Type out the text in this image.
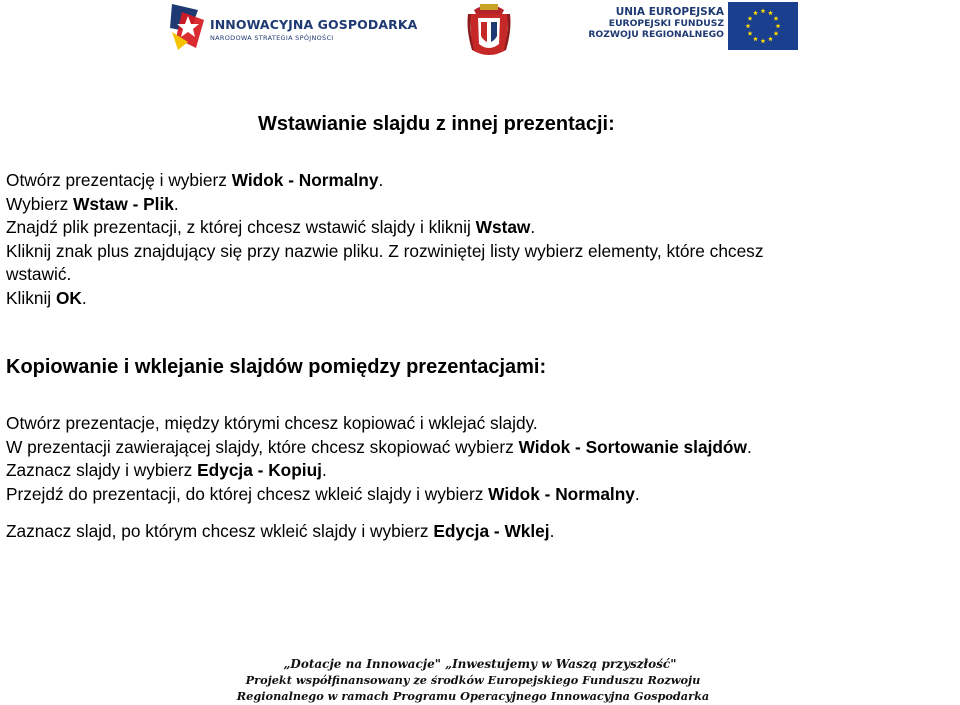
INNOWACYJNA GOSPODARKA
NARODOWA STRATEGIA SPÓJNOŚCI
UNIA EUROPEJSKA
EUROPEJSKI FUNDUSZ
ROZWOJU REGIONALNEGO
Wstawianie slajdu z innej prezentacji:
Otwórz prezentację i wybierz Widok - Normalny.
Wybierz Wstaw - Plik.
Znajdź plik prezentacji, z której chcesz wstawić slajdy i kliknij Wstaw.
Kliknij znak plus znajdujący się przy nazwie pliku. Z rozwiniętej listy wybierz elementy, które chcesz
wstawić.
Kliknij OK.
Kopiowanie i wklejanie slajdów pomiędzy prezentacjami:
Otwórz prezentacje, między którymi chcesz kopiować i wklejać slajdy.
W prezentacji zawierającej slajdy, które chcesz skopiować wybierz Widok - Sortowanie slajdów.
Zaznacz slajdy i wybierz Edycja - Kopiuj.
Przejdź do prezentacji, do której chcesz wkleić slajdy i wybierz Widok - Normalny.
Zaznacz slajd, po którym chcesz wkleić slajdy i wybierz Edycja - Wklej.
„Dotacje na Innowacje" „Inwestujemy w Waszą przyszłość"
Projekt współfinansowany ze środków Europejskiego Funduszu Rozwoju
Regionalnego w ramach Programu Operacyjnego Innowacyjna Gospodarka
